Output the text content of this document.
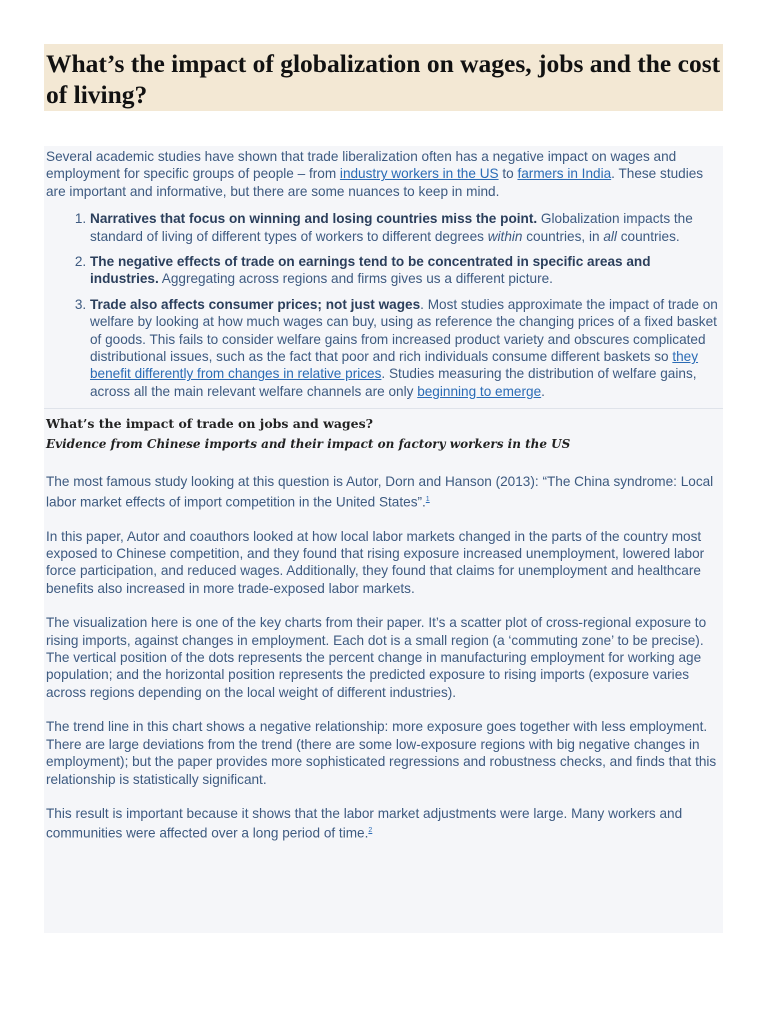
What’s the impact of globalization on wages, jobs and the cost of living?

Several academic studies have shown that trade liberalization often has a negative impact on wages and employment for specific groups of people – from industry workers in the US to farmers in India. These studies are important and informative, but there are some nuances to keep in mind.

1. Narratives that focus on winning and losing countries miss the point. Globalization impacts the standard of living of different types of workers to different degrees within countries, in all countries.
2. The negative effects of trade on earnings tend to be concentrated in specific areas and industries. Aggregating across regions and firms gives us a different picture.
3. Trade also affects consumer prices; not just wages. Most studies approximate the impact of trade on welfare by looking at how much wages can buy, using as reference the changing prices of a fixed basket of goods. This fails to consider welfare gains from increased product variety and obscures complicated distributional issues, such as the fact that poor and rich individuals consume different baskets so they benefit differently from changes in relative prices. Studies measuring the distribution of welfare gains, across all the main relevant welfare channels are only beginning to emerge.
What’s the impact of trade on jobs and wages?
Evidence from Chinese imports and their impact on factory workers in the US

The most famous study looking at this question is Autor, Dorn and Hanson (2013): “The China syndrome: Local labor market effects of import competition in the United States”.$^1$

In this paper, Autor and coauthors looked at how local labor markets changed in the parts of the country most exposed to Chinese competition, and they found that rising exposure increased unemployment, lowered labor force participation, and reduced wages. Additionally, they found that claims for unemployment and healthcare benefits also increased in more trade-exposed labor markets.

The visualization here is one of the key charts from their paper. It’s a scatter plot of cross-regional exposure to rising imports, against changes in employment. Each dot is a small region (a ‘commuting zone’ to be precise). The vertical position of the dots represents the percent change in manufacturing employment for working age population; and the horizontal position represents the predicted exposure to rising imports (exposure varies across regions depending on the local weight of different industries).

The trend line in this chart shows a negative relationship: more exposure goes together with less employment. There are large deviations from the trend (there are some low-exposure regions with big negative changes in employment); but the paper provides more sophisticated regressions and robustness checks, and finds that this relationship is statistically significant.

This result is important because it shows that the labor market adjustments were large. Many workers and communities were affected over a long period of time.$^2$
